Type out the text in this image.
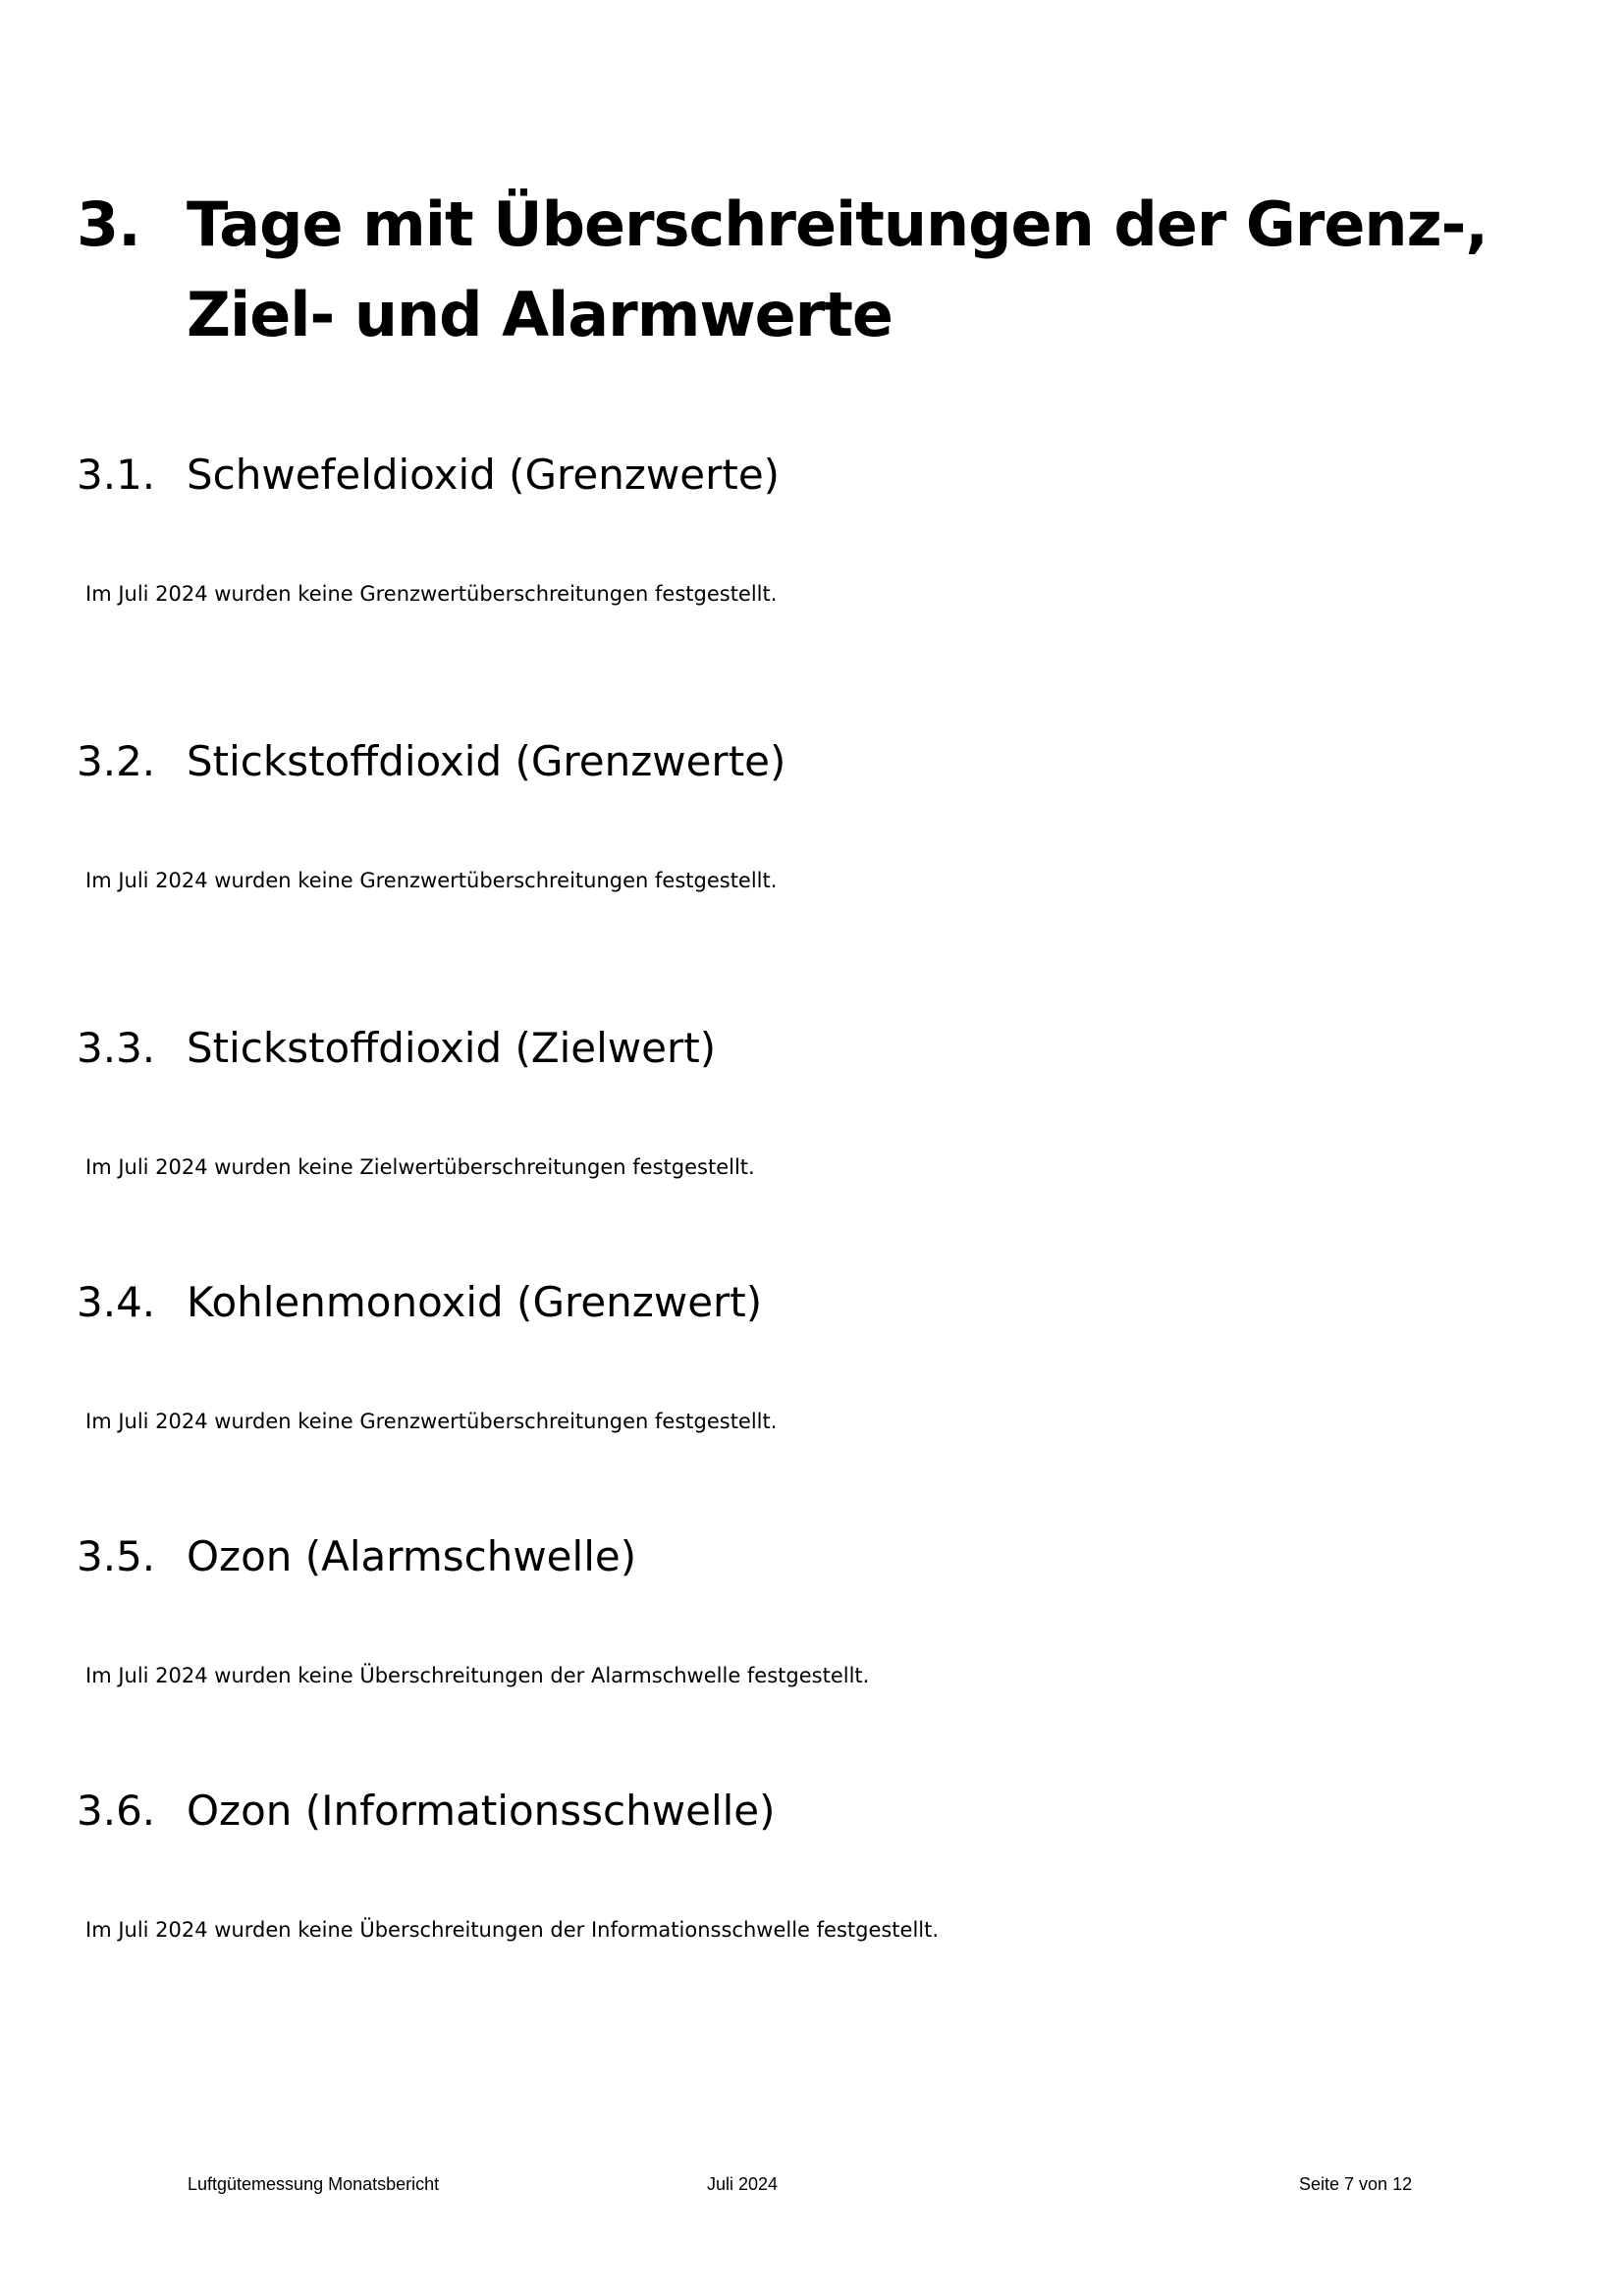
3. Tage mit Überschreitungen der Grenz-, Ziel- und Alarmwerte
3.1. Schwefeldioxid (Grenzwerte)

Im Juli 2024 wurden keine Grenzwertüberschreitungen festgestellt.

3.2. Stickstoffdioxid (Grenzwerte)

Im Juli 2024 wurden keine Grenzwertüberschreitungen festgestellt.

3.3. Stickstoffdioxid (Zielwert)

Im Juli 2024 wurden keine Zielwertüberschreitungen festgestellt.

3.4. Kohlenmonoxid (Grenzwert)

Im Juli 2024 wurden keine Grenzwertüberschreitungen festgestellt.

3.5. Ozon (Alarmschwelle)

Im Juli 2024 wurden keine Überschreitungen der Alarmschwelle festgestellt.

3.6. Ozon (Informationsschwelle)

Im Juli 2024 wurden keine Überschreitungen der Informationsschwelle festgestellt.

Luftgütemessung Monatsbericht	Juli 2024	Seite 7 von 12
